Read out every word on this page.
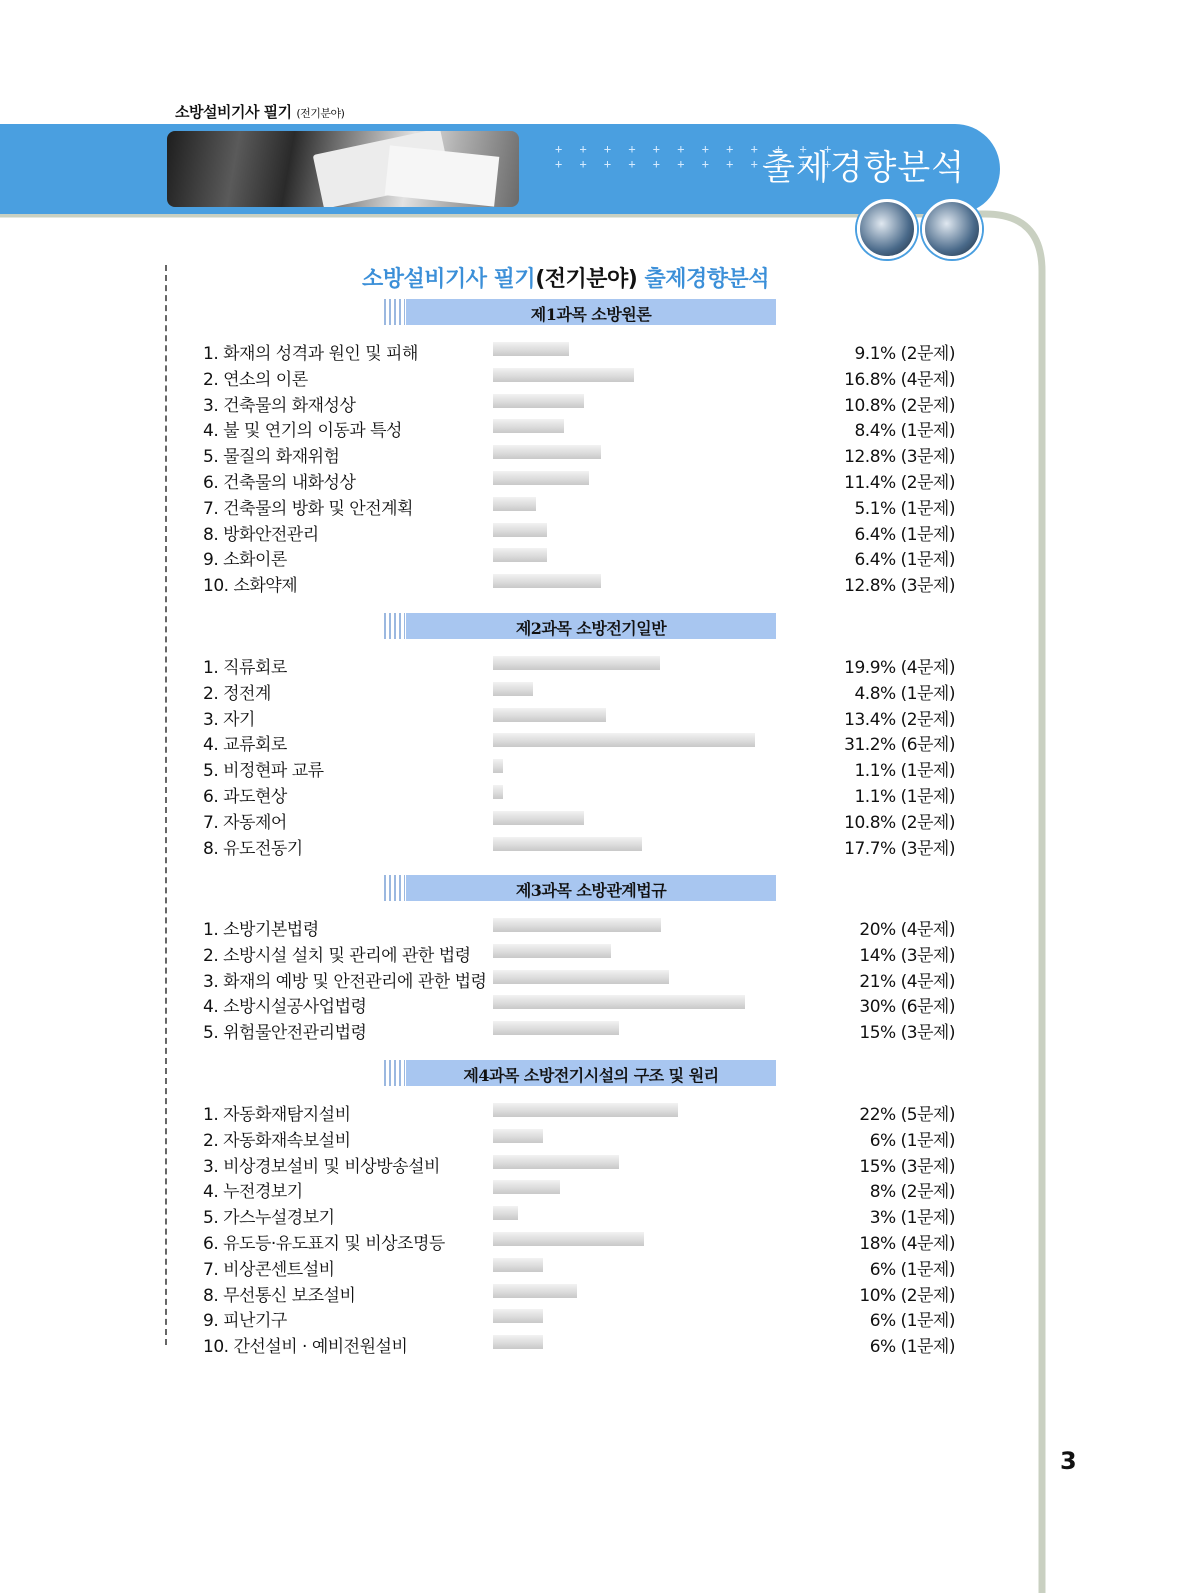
소방설비기사 필기 (전기분야)
+ + + + + + + + + + + +
+ + + + + + + + + + + +
출제경향분석
소방설비기사 필기(전기분야) 출제경향분석
제1과목 소방원론
1. 화재의 성격과 원인 및 피해	9.1% (2문제)
2. 연소의 이론	16.8% (4문제)
3. 건축물의 화재성상	10.8% (2문제)
4. 불 및 연기의 이동과 특성	8.4% (1문제)
5. 물질의 화재위험	12.8% (3문제)
6. 건축물의 내화성상	11.4% (2문제)
7. 건축물의 방화 및 안전계획	5.1% (1문제)
8. 방화안전관리	6.4% (1문제)
9. 소화이론	6.4% (1문제)
10. 소화약제	12.8% (3문제)
제2과목 소방전기일반
1. 직류회로	19.9% (4문제)
2. 정전계	4.8% (1문제)
3. 자기	13.4% (2문제)
4. 교류회로	31.2% (6문제)
5. 비정현파 교류	1.1% (1문제)
6. 과도현상	1.1% (1문제)
7. 자동제어	10.8% (2문제)
8. 유도전동기	17.7% (3문제)
제3과목 소방관계법규
1. 소방기본법령	20% (4문제)
2. 소방시설 설치 및 관리에 관한 법령	14% (3문제)
3. 화재의 예방 및 안전관리에 관한 법령	21% (4문제)
4. 소방시설공사업법령	30% (6문제)
5. 위험물안전관리법령	15% (3문제)
제4과목 소방전기시설의 구조 및 원리
1. 자동화재탐지설비	22% (5문제)
2. 자동화재속보설비	6% (1문제)
3. 비상경보설비 및 비상방송설비	15% (3문제)
4. 누전경보기	8% (2문제)
5. 가스누설경보기	3% (1문제)
6. 유도등·유도표지 및 비상조명등	18% (4문제)
7. 비상콘센트설비	6% (1문제)
8. 무선통신 보조설비	10% (2문제)
9. 피난기구	6% (1문제)
10. 간선설비 · 예비전원설비	6% (1문제)
3
